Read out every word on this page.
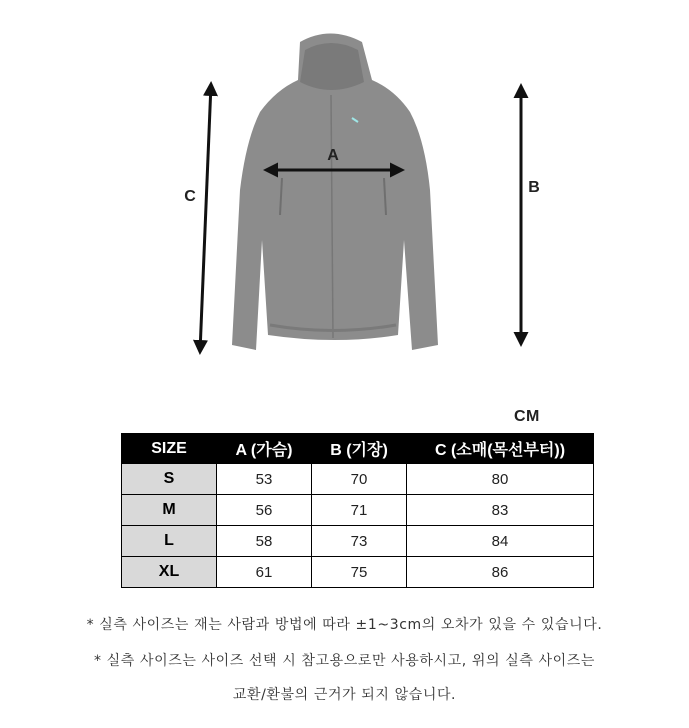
A
C
B
CM
SIZE	A (가슴)	B (기장)	C (소매(목선부터))
S	53	70	80
M	56	71	83
L	58	73	84
XL	61	75	86
* 실측 사이즈는 재는 사람과 방법에 따라 ±1~3cm의 오차가 있을 수 있습니다.
* 실측 사이즈는 사이즈 선택 시 참고용으로만 사용하시고, 위의 실측 사이즈는
교환/환불의 근거가 되지 않습니다.
